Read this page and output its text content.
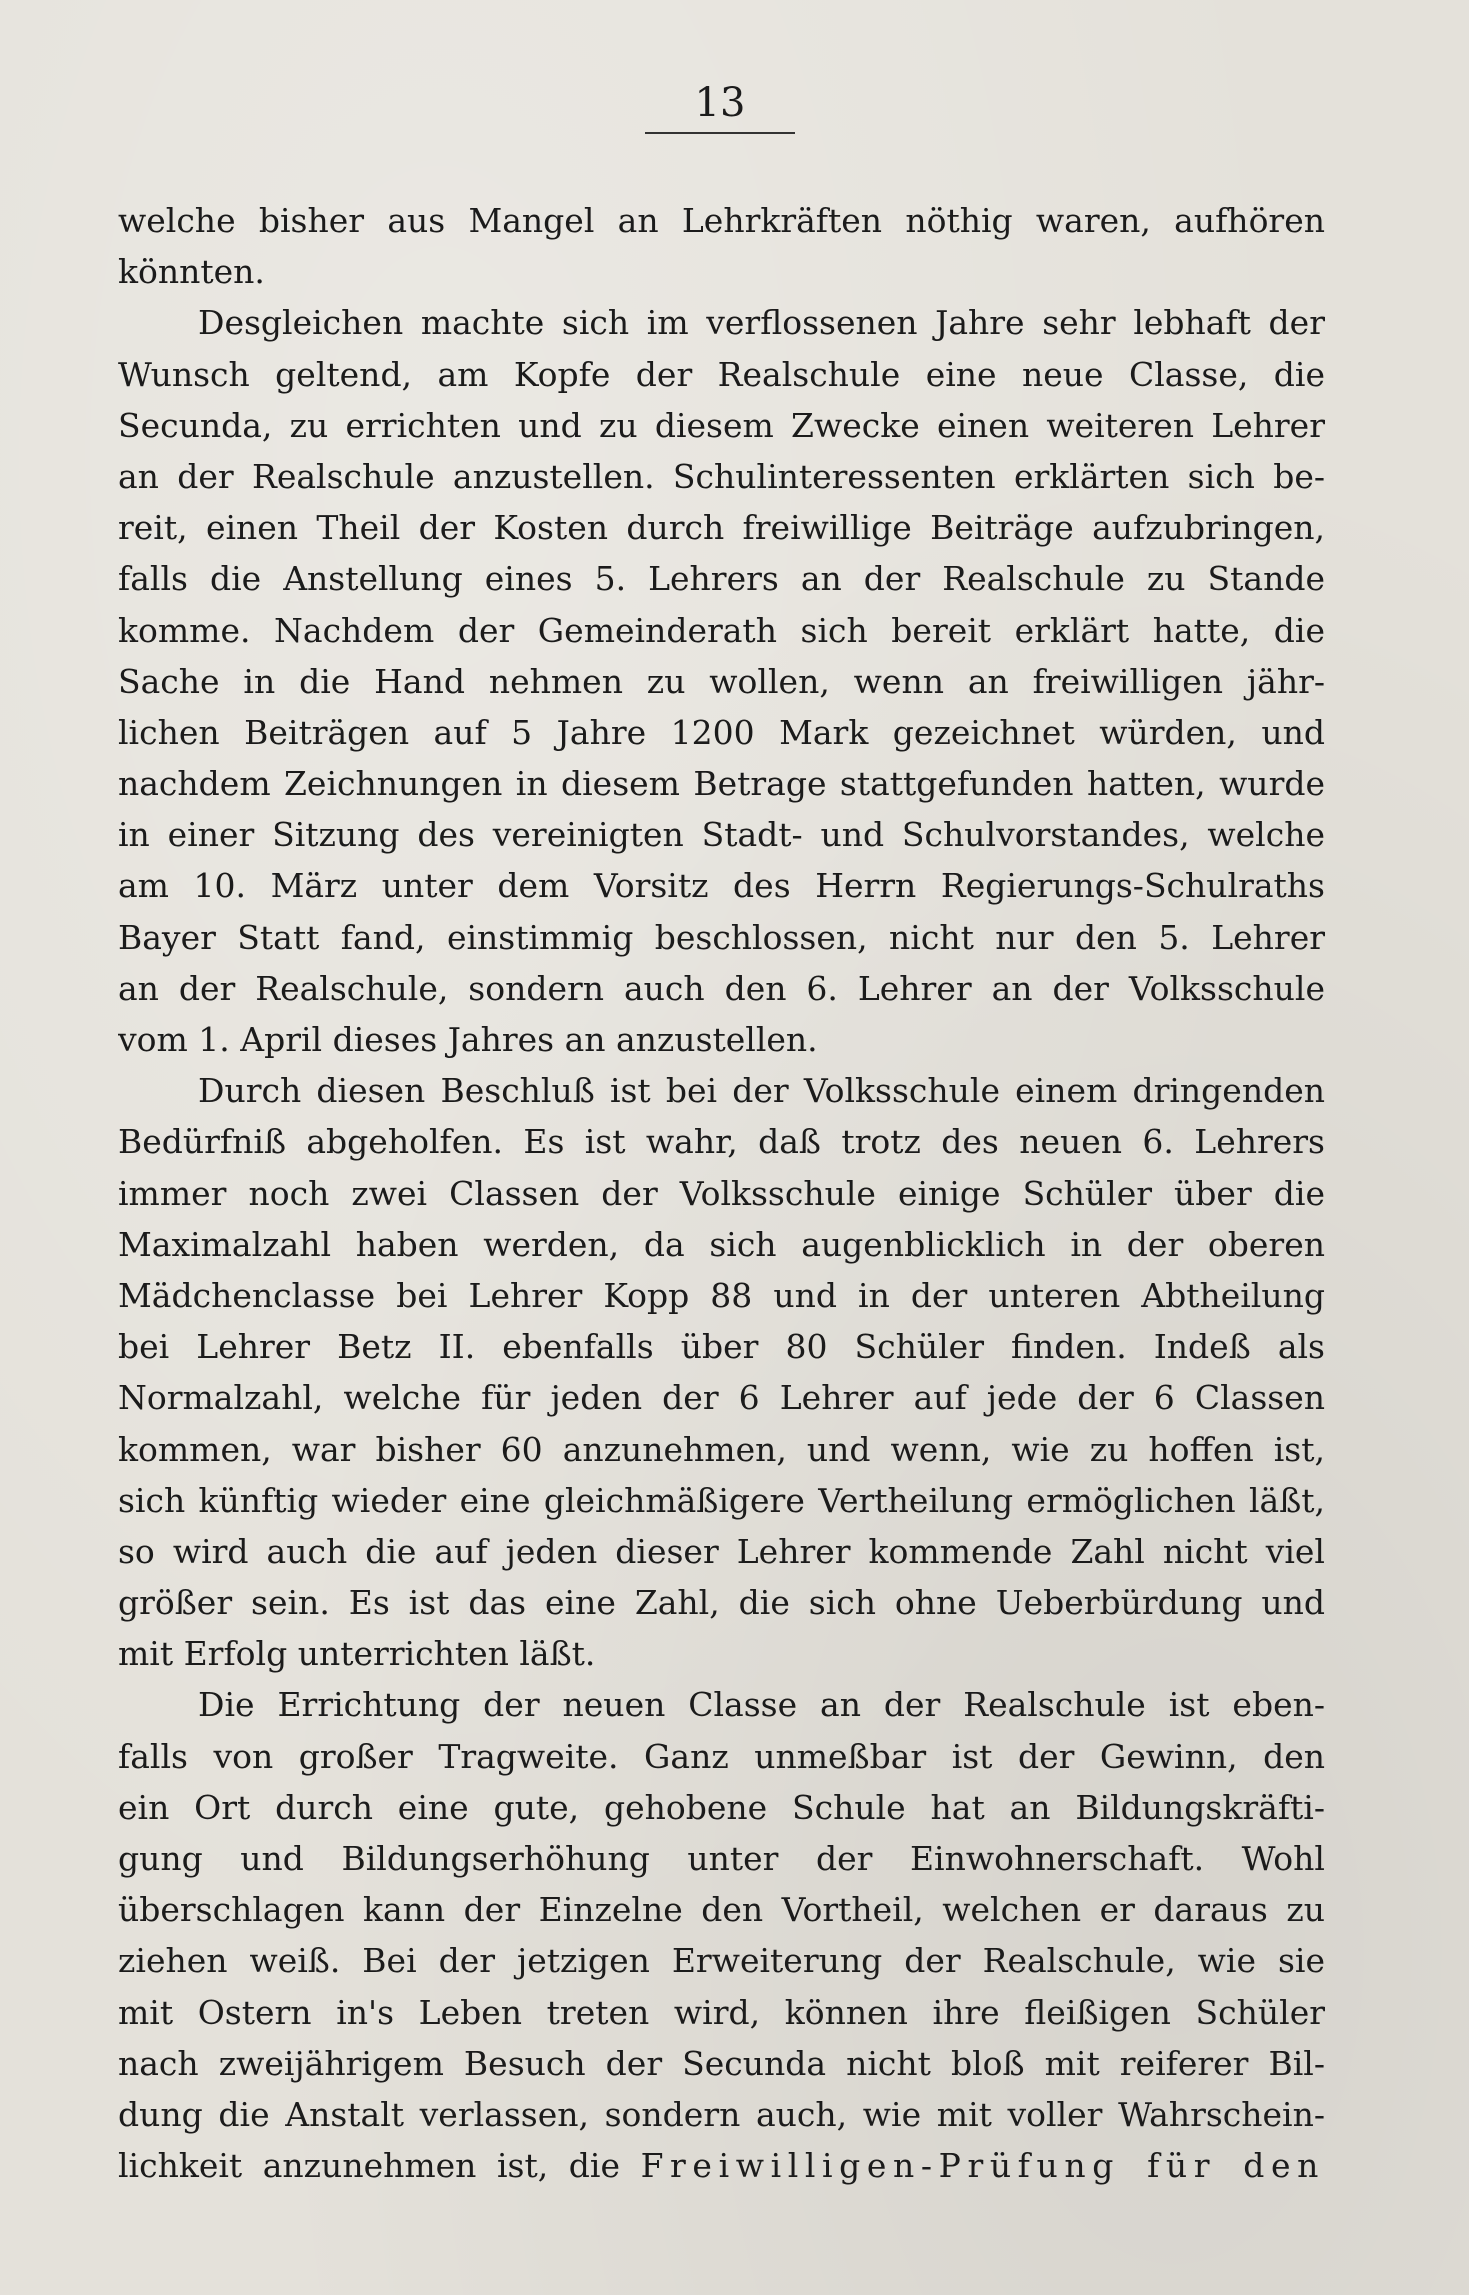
13
welche bisher aus Mangel an Lehrkräften nöthig waren, aufhören
könnten.
Desgleichen machte sich im verflossenen Jahre sehr lebhaft der
Wunsch geltend, am Kopfe der Realschule eine neue Classe, die
Secunda, zu errichten und zu diesem Zwecke einen weiteren Lehrer
an der Realschule anzustellen. Schulinteressenten erklärten sich be-
reit, einen Theil der Kosten durch freiwillige Beiträge aufzubringen,
falls die Anstellung eines 5. Lehrers an der Realschule zu Stande
komme. Nachdem der Gemeinderath sich bereit erklärt hatte, die
Sache in die Hand nehmen zu wollen, wenn an freiwilligen jähr-
lichen Beiträgen auf 5 Jahre 1200 Mark gezeichnet würden, und
nachdem Zeichnungen in diesem Betrage stattgefunden hatten, wurde
in einer Sitzung des vereinigten Stadt- und Schulvorstandes, welche
am 10. März unter dem Vorsitz des Herrn Regierungs-Schulraths
Bayer Statt fand, einstimmig beschlossen, nicht nur den 5. Lehrer
an der Realschule, sondern auch den 6. Lehrer an der Volksschule
vom 1. April dieses Jahres an anzustellen.
Durch diesen Beschluß ist bei der Volksschule einem dringenden
Bedürfniß abgeholfen. Es ist wahr, daß trotz des neuen 6. Lehrers
immer noch zwei Classen der Volksschule einige Schüler über die
Maximalzahl haben werden, da sich augenblicklich in der oberen
Mädchenclasse bei Lehrer Kopp 88 und in der unteren Abtheilung
bei Lehrer Betz II. ebenfalls über 80 Schüler finden. Indeß als
Normalzahl, welche für jeden der 6 Lehrer auf jede der 6 Classen
kommen, war bisher 60 anzunehmen, und wenn, wie zu hoffen ist,
sich künftig wieder eine gleichmäßigere Vertheilung ermöglichen läßt,
so wird auch die auf jeden dieser Lehrer kommende Zahl nicht viel
größer sein. Es ist das eine Zahl, die sich ohne Ueberbürdung und
mit Erfolg unterrichten läßt.
Die Errichtung der neuen Classe an der Realschule ist eben-
falls von großer Tragweite. Ganz unmeßbar ist der Gewinn, den
ein Ort durch eine gute, gehobene Schule hat an Bildungskräfti-
gung und Bildungserhöhung unter der Einwohnerschaft. Wohl
überschlagen kann der Einzelne den Vortheil, welchen er daraus zu
ziehen weiß. Bei der jetzigen Erweiterung der Realschule, wie sie
mit Ostern in's Leben treten wird, können ihre fleißigen Schüler
nach zweijährigem Besuch der Secunda nicht bloß mit reiferer Bil-
dung die Anstalt verlassen, sondern auch, wie mit voller Wahrschein-
lichkeit anzunehmen ist, die Freiwilligen-Prüfung für den
